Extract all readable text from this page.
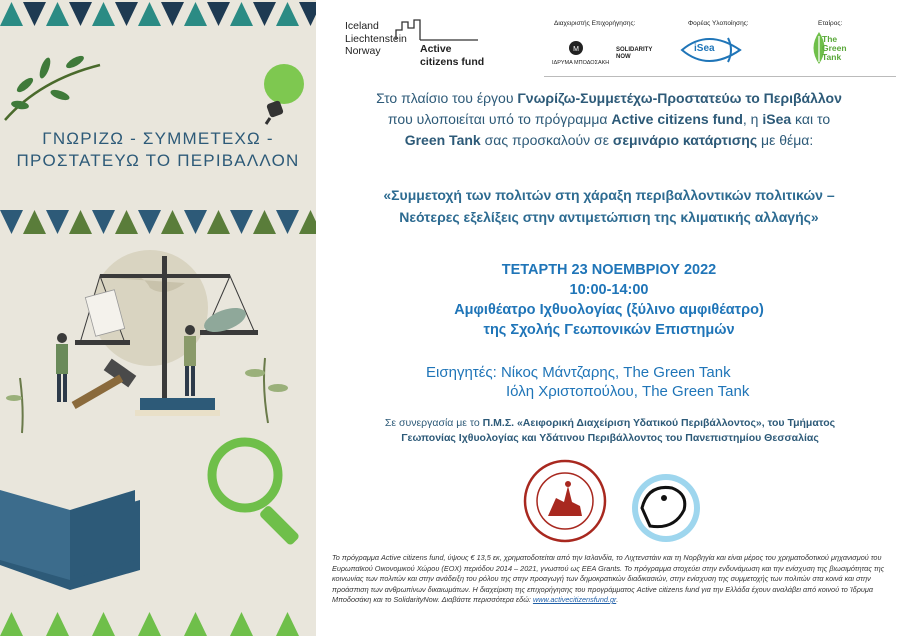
ΓΝΩΡΙΖΩ - ΣΥΜΜΕΤΕΧΩ -
ΠΡΟΣΤΑΤΕΥΩ ΤΟ ΠΕΡΙΒΑΛΛΟΝ
Iceland
Liechtenstein
Norway	Active
citizens fund
Διαχειριστής Επιχορήγησης:
M
ΙΔΡΥΜΑ ΜΠΟΔΟΣΑΚΗ
SOLIDARITY NOW
Φορέας Υλοποίησης:
iSea
Εταίρος:
The
Green
Tank
Στο πλαίσιο του έργου Γνωρίζω-Συμμετέχω-Προστατεύω το Περιβάλλον
που υλοποιείται υπό το πρόγραμμα Active citizens fund, η iSea και το
Green Tank σας προσκαλούν σε σεμινάριο κατάρτισης με θέμα:
«Συμμετοχή των πολιτών στη χάραξη περιβαλλοντικών πολιτικών –
Νεότερες εξελίξεις στην αντιμετώπιση της κλιματικής αλλαγής»
ΤΕΤΑΡΤΗ 23 ΝΟΕΜΒΡΙΟΥ 2022
10:00-14:00
Αμφιθέατρο Ιχθυολογίας (ξύλινο αμφιθέατρο)
της Σχολής Γεωπονικών Επιστημών
Εισηγητές: Νίκος Μάντζαρης, The Green Tank
Ιόλη Χριστοπούλου, The Green Tank
Σε συνεργασία με το Π.Μ.Σ. «Αειφορική Διαχείριση Υδατικού Περιβάλλοντος», του Τμήματος
Γεωπονίας Ιχθυολογίας και Υδάτινου Περιβάλλοντος του Πανεπιστημίου Θεσσαλίας
Το πρόγραμμα Active citizens fund, ύψους € 13,5 εκ, χρηματοδοτείται από την Ισλανδία, το Λιχτενστάιν και τη Νορβηγία και είναι μέρος του χρηματοδοτικού μηχανισμού του Ευρωπαϊκού Οικονομικού Χώρου (ΕΟΧ) περιόδου 2014 – 2021, γνωστού ως EEA Grants. Το πρόγραμμα στοχεύει στην ενδυνάμωση και την ενίσχυση της βιωσιμότητας της κοινωνίας των πολιτών και στην ανάδειξη του ρόλου της στην προαγωγή των δημοκρατικών διαδικασιών, στην ενίσχυση της συμμετοχής των πολιτών στα κοινά και στην προάσπιση των ανθρωπίνων δικαιωμάτων. Η διαχείριση της επιχορήγησης του προγράμματος Active citizens fund για την Ελλάδα έχουν αναλάβει από κοινού το Ίδρυμα Μποδοσάκη και το SolidarityNow. Διαβάστε περισσότερα εδώ: www.activecitizensfund.gr.
